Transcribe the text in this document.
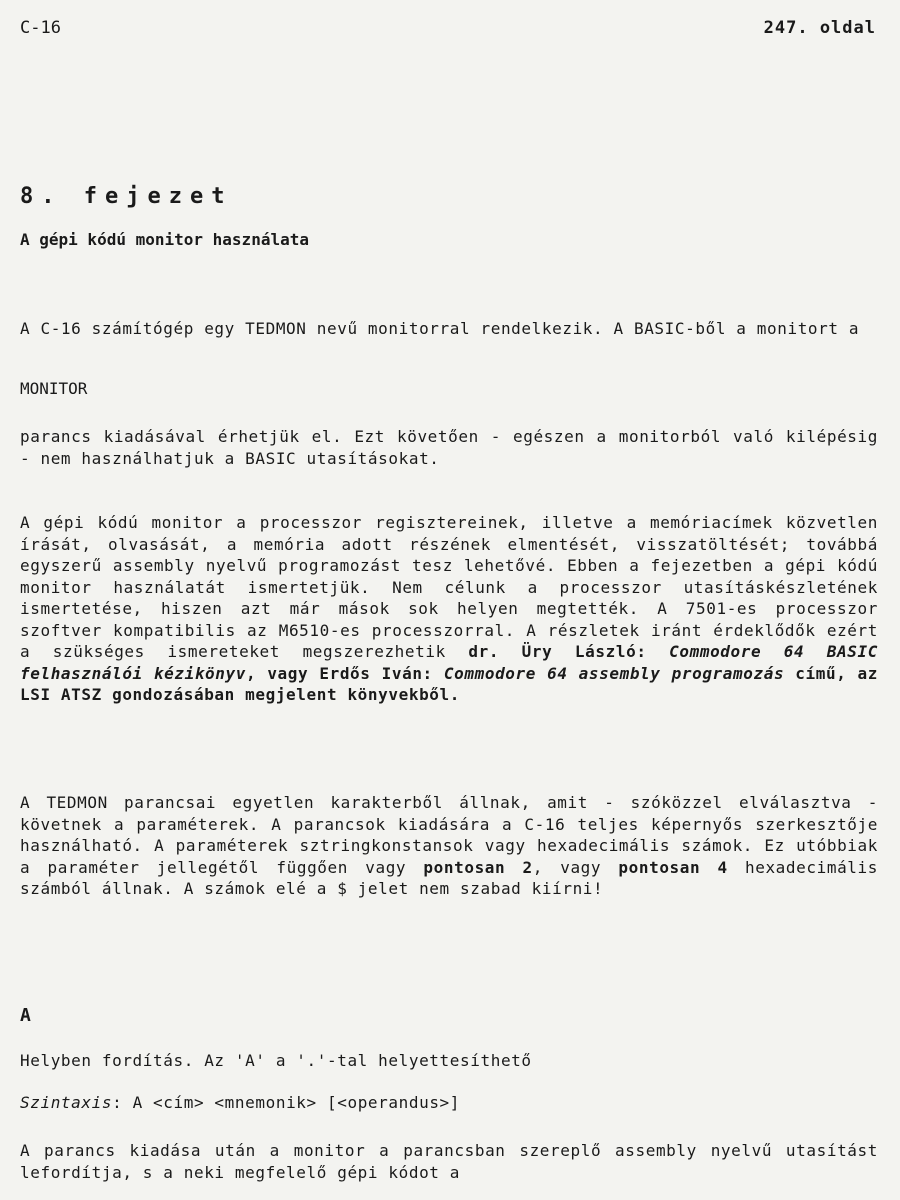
C-16	247. oldal
8. fejezet
A gépi kódú monitor használata
A C-16 számítógép egy TEDMON nevű monitorral rendelkezik. A BASIC-ből a monitort a
MONITOR
parancs kiadásával érhetjük el. Ezt követően - egészen a monitorból való kilépésig - nem használhatjuk a BASIC utasításokat.
A gépi kódú monitor a processzor regisztereinek, illetve a memóriacímek közvetlen írását, olvasását, a memória adott részének elmentését, visszatöltését; továbbá egyszerű assembly nyelvű programozást tesz lehetővé. Ebben a fejezetben a gépi kódú monitor használatát ismertetjük. Nem célunk a processzor utasításkészletének ismertetése, hiszen azt már mások sok helyen megtették. A 7501-es processzor szoftver kompatibilis az M6510-es processzorral. A részletek iránt érdeklődők ezért a szükséges ismereteket megszerezhetik dr. Üry László: Commodore 64 BASIC felhasználói kézikönyv, vagy Erdős Iván: Commodore 64 assembly programozás című, az LSI ATSZ gondozásában megjelent könyvekből.
A TEDMON parancsai egyetlen karakterből állnak, amit - szóközzel elválasztva - követnek a paraméterek. A parancsok kiadására a C-16 teljes képernyős szerkesztője használható. A paraméterek sztringkonstansok vagy hexadecimális számok. Ez utóbbiak a paraméter jellegétől függően vagy pontosan 2, vagy pontosan 4 hexadecimális számból állnak. A számok elé a $ jelet nem szabad kiírni!
A
Helyben fordítás. Az 'A' a '.'-tal helyettesíthető
Szintaxis: A <cím> <mnemonik> [<operandus>]
A parancs kiadása után a monitor a parancsban szereplő assembly nyelvű utasítást lefordítja, s a neki megfelelő gépi kódot a
